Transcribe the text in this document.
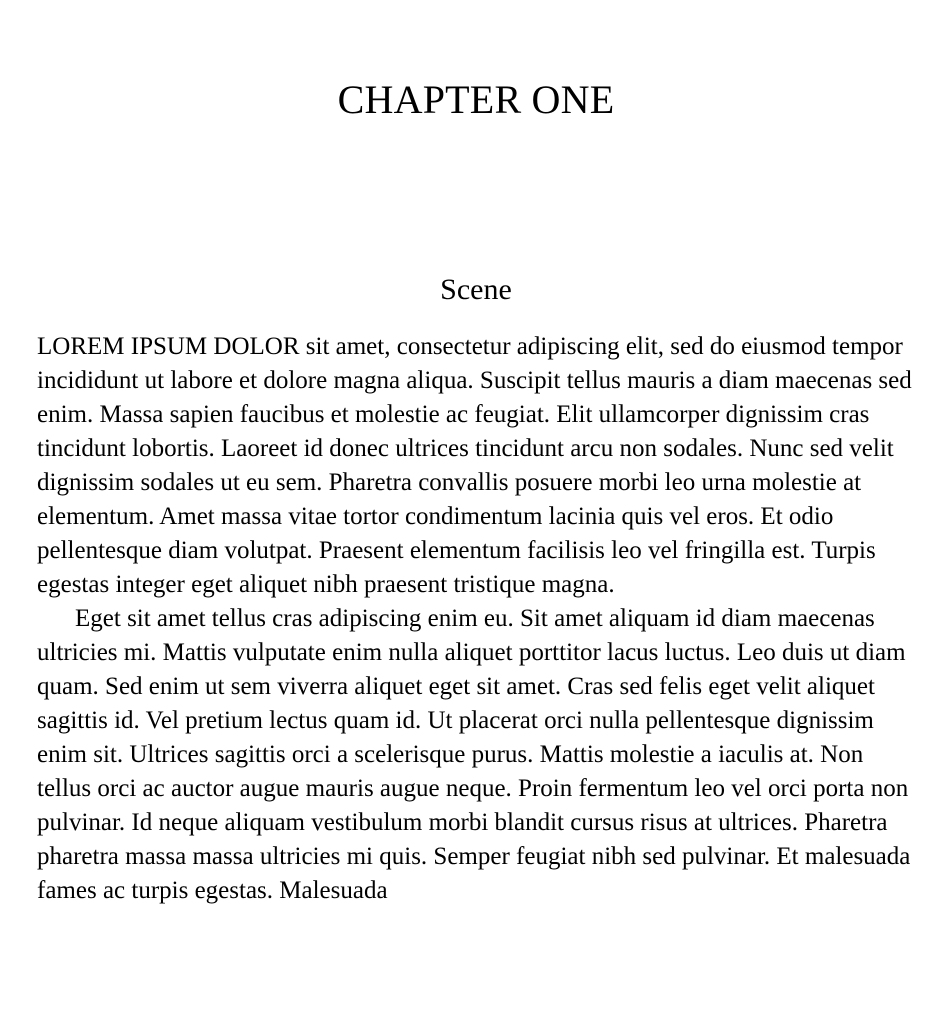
CHAPTER ONE
Scene

LOREM IPSUM DOLOR sit amet, consectetur adipiscing elit, sed do eiusmod tempor incididunt ut labore et dolore magna aliqua. Suscipit tellus mauris a diam maecenas sed enim. Massa sapien faucibus et molestie ac feugiat. Elit ullamcorper dignissim cras tincidunt lobortis. Laoreet id donec ultrices tincidunt arcu non sodales. Nunc sed velit dignissim sodales ut eu sem. Pharetra convallis posuere morbi leo urna molestie at elementum. Amet massa vitae tortor condimentum lacinia quis vel eros. Et odio pellentesque diam volutpat. Praesent elementum facilisis leo vel fringilla est. Turpis egestas integer eget aliquet nibh praesent tristique magna.

Eget sit amet tellus cras adipiscing enim eu. Sit amet aliquam id diam maecenas ultricies mi. Mattis vulputate enim nulla aliquet porttitor lacus luctus. Leo duis ut diam quam. Sed enim ut sem viverra aliquet eget sit amet. Cras sed felis eget velit aliquet sagittis id. Vel pretium lectus quam id. Ut placerat orci nulla pellentesque dignissim enim sit. Ultrices sagittis orci a scelerisque purus. Mattis molestie a iaculis at. Non tellus orci ac auctor augue mauris augue neque. Proin fermentum leo vel orci porta non pulvinar. Id neque aliquam vestibulum morbi blandit cursus risus at ultrices. Pharetra pharetra massa massa ultricies mi quis. Semper feugiat nibh sed pulvinar. Et malesuada fames ac turpis egestas. Malesuada
